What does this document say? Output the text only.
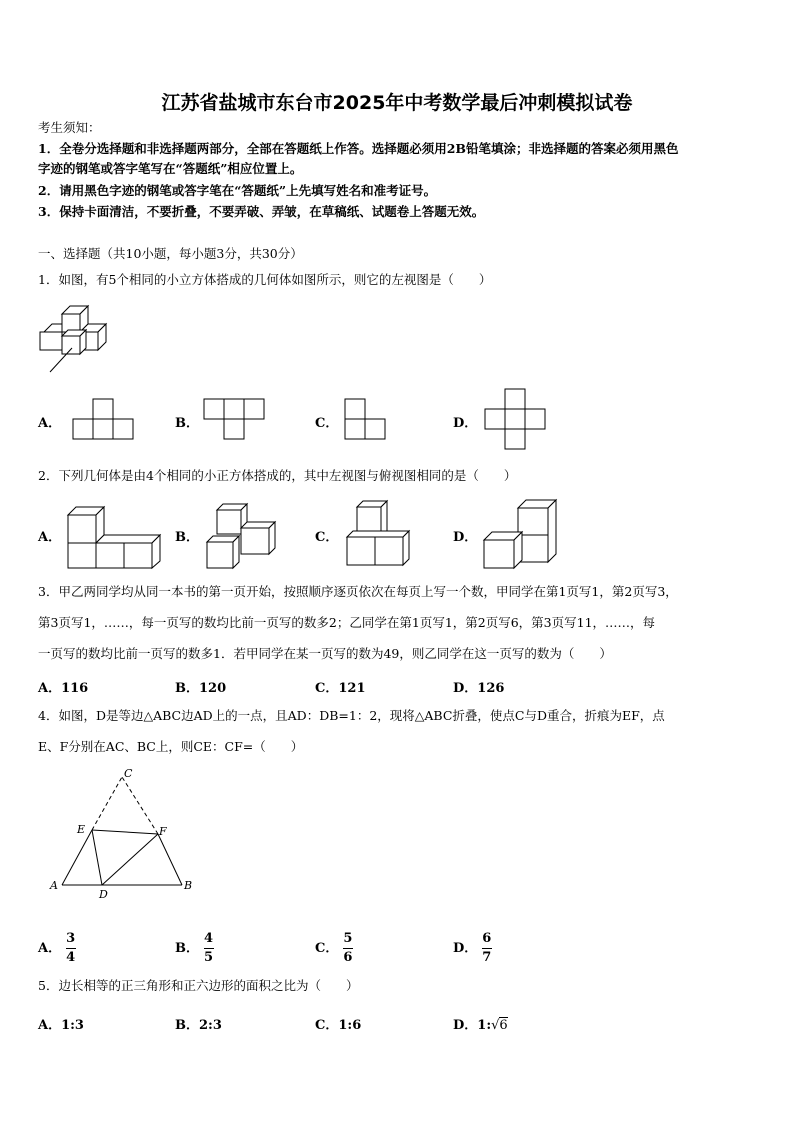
江苏省盐城市东台市2025年中考数学最后冲刺模拟试卷
考生须知：
1．全卷分选择题和非选择题两部分，全部在答题纸上作答。选择题必须用2B铅笔填涂；非选择题的答案必须用黑色
字迹的钢笔或答字笔写在“答题纸”相应位置上。
2．请用黑色字迹的钢笔或答字笔在“答题纸”上先填写姓名和准考证号。
3．保持卡面清洁，不要折叠，不要弄破、弄皱，在草稿纸、试题卷上答题无效。
一、选择题（共10小题，每小题3分，共30分）
1．如图，有5个相同的小立方体搭成的几何体如图所示，则它的左视图是（　　）
A．	B．	C．	D．
2．下列几何体是由4个相同的小正方体搭成的，其中左视图与俯视图相同的是（　　）
A．	B．	C．	D．
3．甲乙两同学均从同一本书的第一页开始，按照顺序逐页依次在每页上写一个数，甲同学在第1页写1，第2页写3，
第3页写1，……，每一页写的数均比前一页写的数多2；乙同学在第1页写1，第2页写6，第3页写11，……，每
一页写的数均比前一页写的数多1．若甲同学在某一页写的数为49，则乙同学在这一页写的数为（　　）
A．116	B．120	C．121	D．126
4．如图，D是等边△ABC边AD上的一点，且AD：DB=1：2，现将△ABC折叠，使点C与D重合，折痕为EF，点
E、F分别在AC、BC上，则CE：CF=（　　）
C
E	F
A
D
B
A． $\frac{3}{4}$	B． $\frac{4}{5}$	C． $\frac{5}{6}$	D． $\frac{6}{7}$
5．边长相等的正三角形和正六边形的面积之比为（　　）
A．1:3	B．2:3	C．1:6	D．1:√6
